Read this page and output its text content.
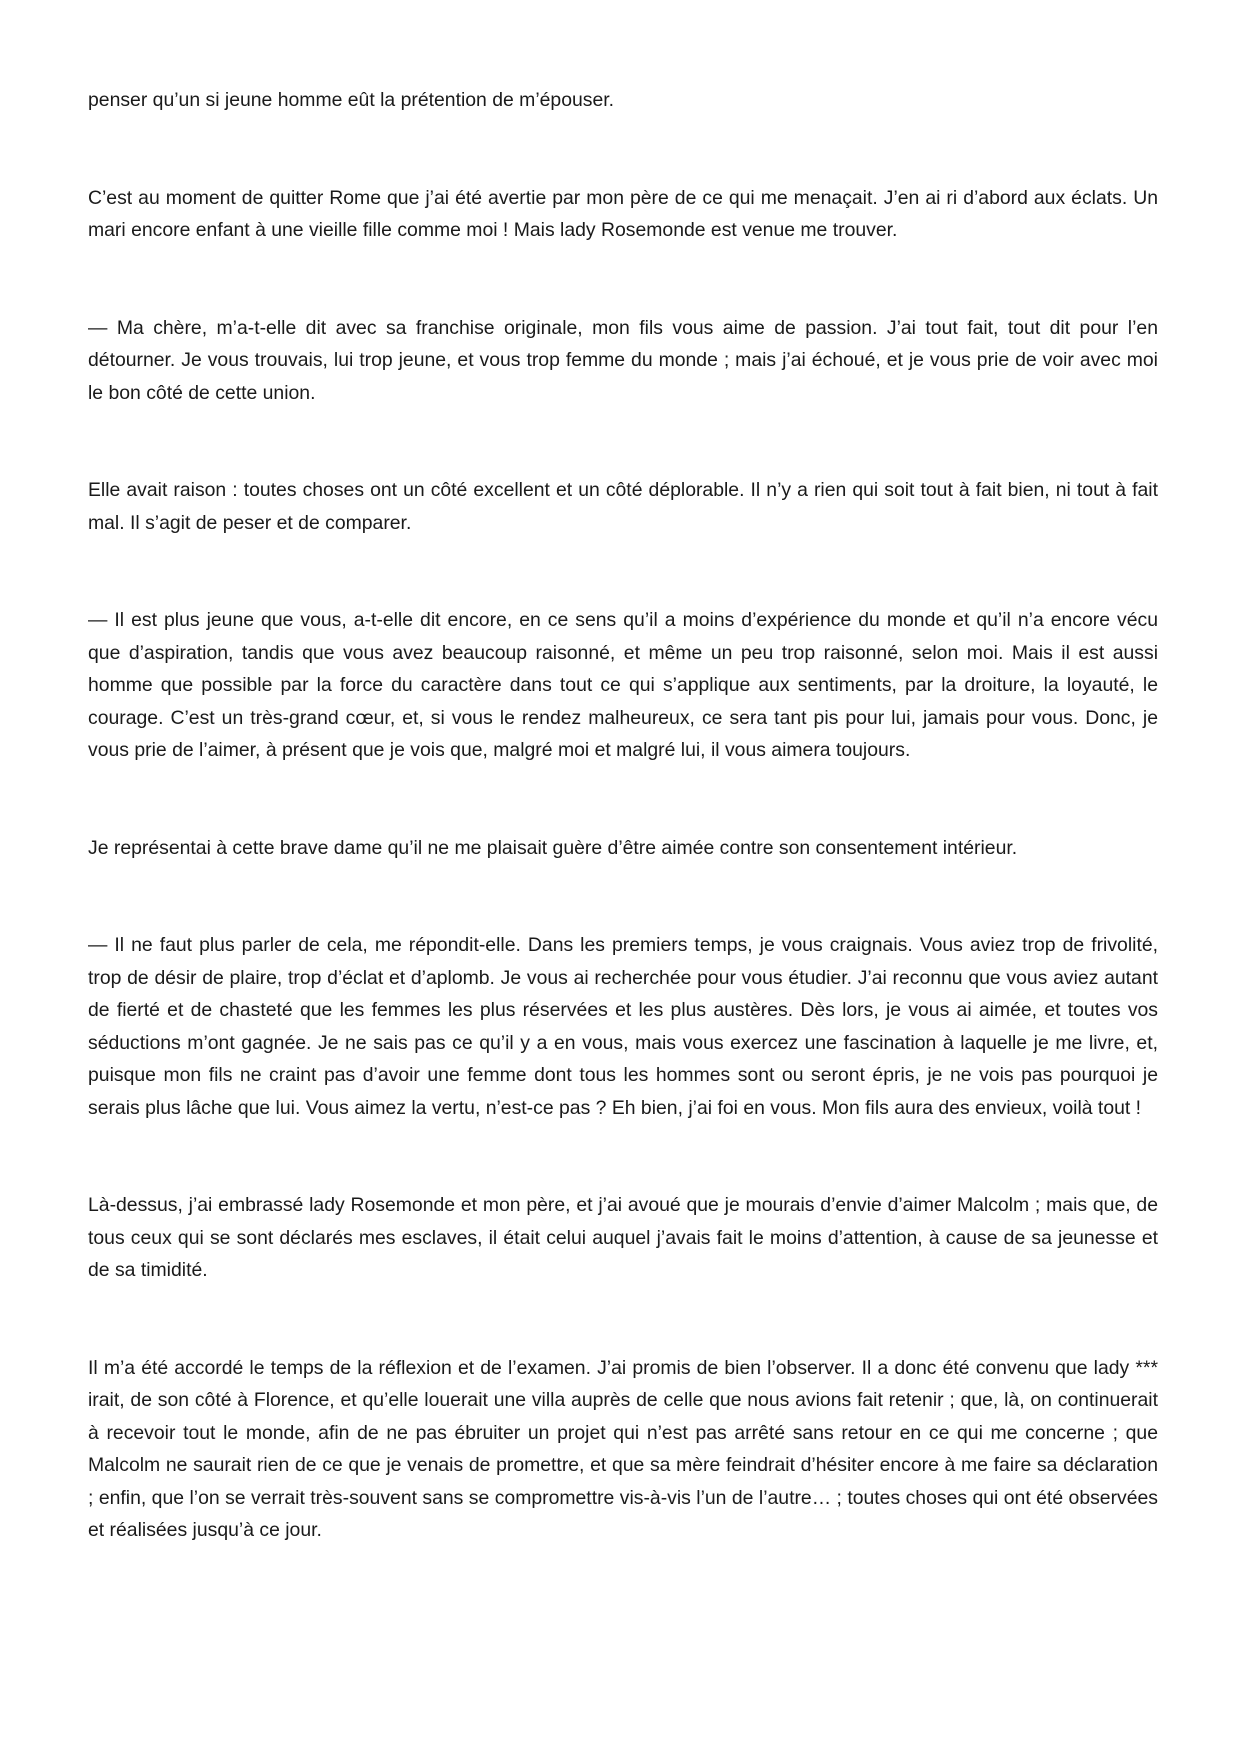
penser qu’un si jeune homme eût la prétention de m’épouser.

C’est au moment de quitter Rome que j’ai été avertie par mon père de ce qui me menaçait. J’en ai ri d’abord aux éclats. Un mari encore enfant à une vieille fille comme moi ! Mais lady Rosemonde est venue me trouver.

— Ma chère, m’a-t-elle dit avec sa franchise originale, mon fils vous aime de passion. J’ai tout fait, tout dit pour l’en détourner. Je vous trouvais, lui trop jeune, et vous trop femme du monde ; mais j’ai échoué, et je vous prie de voir avec moi le bon côté de cette union.

Elle avait raison : toutes choses ont un côté excellent et un côté déplorable. Il n’y a rien qui soit tout à fait bien, ni tout à fait mal. Il s’agit de peser et de comparer.

— Il est plus jeune que vous, a-t-elle dit encore, en ce sens qu’il a moins d’expérience du monde et qu’il n’a encore vécu que d’aspiration, tandis que vous avez beaucoup raisonné, et même un peu trop raisonné, selon moi. Mais il est aussi homme que possible par la force du caractère dans tout ce qui s’applique aux sentiments, par la droiture, la loyauté, le courage. C’est un très-grand cœur, et, si vous le rendez malheureux, ce sera tant pis pour lui, jamais pour vous. Donc, je vous prie de l’aimer, à présent que je vois que, malgré moi et malgré lui, il vous aimera toujours.

Je représentai à cette brave dame qu’il ne me plaisait guère d’être aimée contre son consentement intérieur.

— Il ne faut plus parler de cela, me répondit-elle. Dans les premiers temps, je vous craignais. Vous aviez trop de frivolité, trop de désir de plaire, trop d’éclat et d’aplomb. Je vous ai recherchée pour vous étudier. J’ai reconnu que vous aviez autant de fierté et de chasteté que les femmes les plus réservées et les plus austères. Dès lors, je vous ai aimée, et toutes vos séductions m’ont gagnée. Je ne sais pas ce qu’il y a en vous, mais vous exercez une fascination à laquelle je me livre, et, puisque mon fils ne craint pas d’avoir une femme dont tous les hommes sont ou seront épris, je ne vois pas pourquoi je serais plus lâche que lui. Vous aimez la vertu, n’est-ce pas ? Eh bien, j’ai foi en vous. Mon fils aura des envieux, voilà tout !

Là-dessus, j’ai embrassé lady Rosemonde et mon père, et j’ai avoué que je mourais d’envie d’aimer Malcolm ; mais que, de tous ceux qui se sont déclarés mes esclaves, il était celui auquel j’avais fait le moins d’attention, à cause de sa jeunesse et de sa timidité.

Il m’a été accordé le temps de la réflexion et de l’examen. J’ai promis de bien l’observer. Il a donc été convenu que lady *** irait, de son côté à Florence, et qu’elle louerait une villa auprès de celle que nous avions fait retenir ; que, là, on continuerait à recevoir tout le monde, afin de ne pas ébruiter un projet qui n’est pas arrêté sans retour en ce qui me concerne ; que Malcolm ne saurait rien de ce que je venais de promettre, et que sa mère feindrait d’hésiter encore à me faire sa déclaration ; enfin, que l’on se verrait très-souvent sans se compromettre vis-à-vis l’un de l’autre… ; toutes choses qui ont été observées et réalisées jusqu’à ce jour.
